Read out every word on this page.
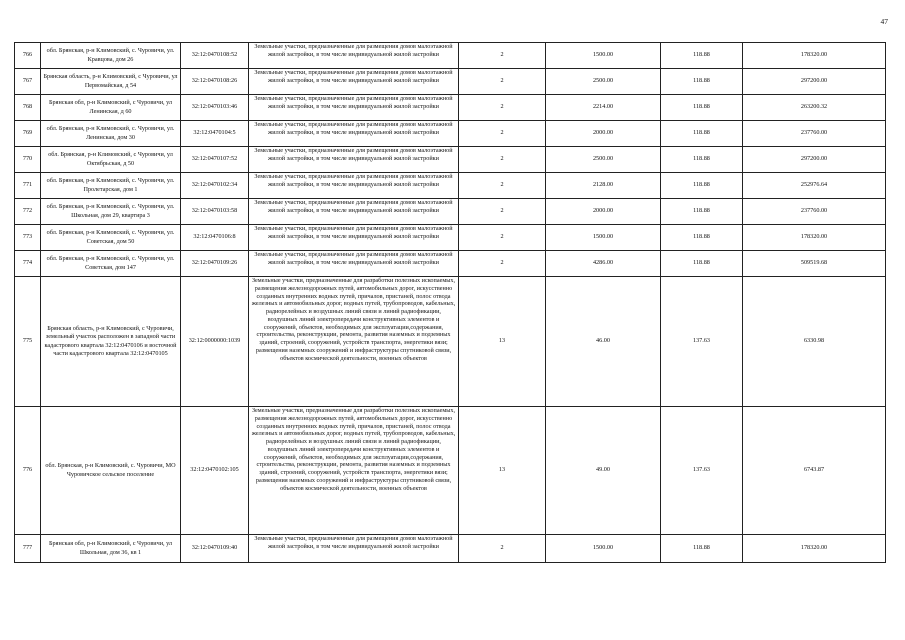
47
766	обл. Брянская, р-н Климовский, с. Чуровичи, ул. Кравцова, дом 26	32:12:0470108:52	Земельные участки, предназначенные для размещения домов малоэтажной жилой застройки, в том числе индивидуальной жилой застройки	2	1500.00	118.88	178320.00
767	Брянская область, р-н Климовский, с Чуровичи, ул Первомайская, д 54	32:12:0470108:26	Земельные участки, предназначенные для размещения домов малоэтажной жилой застройки, в том числе индивидуальной жилой застройки	2	2500.00	118.88	297200.00
768	Брянская обл, р-н Климовский, с Чуровичи, ул Ленинская, д 60	32:12:0470103:46	Земельные участки, предназначенные для размещения домов малоэтажной жилой застройки, в том числе индивидуальной жилой застройки	2	2214.00	118.88	263200.32
769	обл. Брянская, р-н Климовский, с. Чуровичи, ул. Ленинская, дом 30	32:12:0470104:5	Земельные участки, предназначенные для размещения домов малоэтажной жилой застройки, в том числе индивидуальной жилой застройки	2	2000.00	118.88	237760.00
770	обл. Брянская, р-н Климовский, с Чуровичи, ул Октябрьская, д 50	32:12:0470107:52	Земельные участки, предназначенные для размещения домов малоэтажной жилой застройки, в том числе индивидуальной жилой застройки	2	2500.00	118.88	297200.00
771	обл. Брянская, р-н Климовский, с. Чуровичи, ул. Пролетарская, дом 1	32:12:0470102:34	Земельные участки, предназначенные для размещения домов малоэтажной жилой застройки, в том числе индивидуальной жилой застройки	2	2128.00	118.88	252976.64
772	обл. Брянская, р-н Климовский, с. Чуровичи, ул. Школьная, дом 29, квартира 3	32:12:0470103:58	Земельные участки, предназначенные для размещения домов малоэтажной жилой застройки, в том числе индивидуальной жилой застройки	2	2000.00	118.88	237760.00
773	обл. Брянская, р-н Климовский, с. Чуровичи, ул. Советская, дом 50	32:12:0470106:8	Земельные участки, предназначенные для размещения домов малоэтажной жилой застройки, в том числе индивидуальной жилой застройки	2	1500.00	118.88	178320.00
774	обл. Брянская, р-н Климовский, с. Чуровичи, ул. Советская, дом 147	32:12:0470109:26	Земельные участки, предназначенные для размещения домов малоэтажной жилой застройки, в том числе индивидуальной жилой застройки	2	4286.00	118.88	509519.68
775	Брянская область, р-н Климовский, с Чуровичи, земельный участок расположен в западной части кадастрового квартала 32:12:0470106 и восточной части кадастрового квартала 32:12:0470105	32:12:0000000:1039	Земельные участки, предназначенные для разработки полезных ископаемых, размещения железнодорожных путей, автомобильных дорог, искусственно созданных внутренних водных путей, причалов, пристаней, полос отвода железных и автомобильных дорог, водных путей, трубопроводов, кабельных, радиорелейных и воздушных линий связи и линий радиофикации, воздушных линий электропередачи конструктивных элементов и сооружений, объектов, необходимых для эксплуатации,содержания, строительства, реконструкции, ремонта, развития наземных и подземных зданий, строений, сооружений, устройств транспорта, энергетики вязи; размещения наземных сооружений и инфраструктуры спутниковой связи, объектов космической деятельности, военных объектов	13	46.00	137.63	6330.98
776	обл. Брянская, р-н Климовский, с. Чуровичи, МО Чуровичское сельское поселение	32:12:0470102:105	Земельные участки, предназначенные для разработки полезных ископаемых, размещения железнодорожных путей, автомобильных дорог, искусственно созданных внутренних водных путей, причалов, пристаней, полос отвода железных и автомобильных дорог, водных путей, трубопроводов, кабельных, радиорелейных и воздушных линий связи и линий радиофикации, воздушных линий электропередачи конструктивных элементов и сооружений, объектов, необходимых для эксплуатации,содержания, строительства, реконструкции, ремонта, развития наземных и подземных зданий, строений, сооружений, устройств транспорта, энергетики вязи; размещения наземных сооружений и инфраструктуры спутниковой связи, объектов космической деятельности, военных объектов	13	49.00	137.63	6743.87
777	Брянская обл, р-н Климовский, с Чуровичи, ул Школьная, дом 36, кв 1	32:12:0470109:40	Земельные участки, предназначенные для размещения домов малоэтажной жилой застройки, в том числе индивидуальной жилой застройки	2	1500.00	118.88	178320.00
